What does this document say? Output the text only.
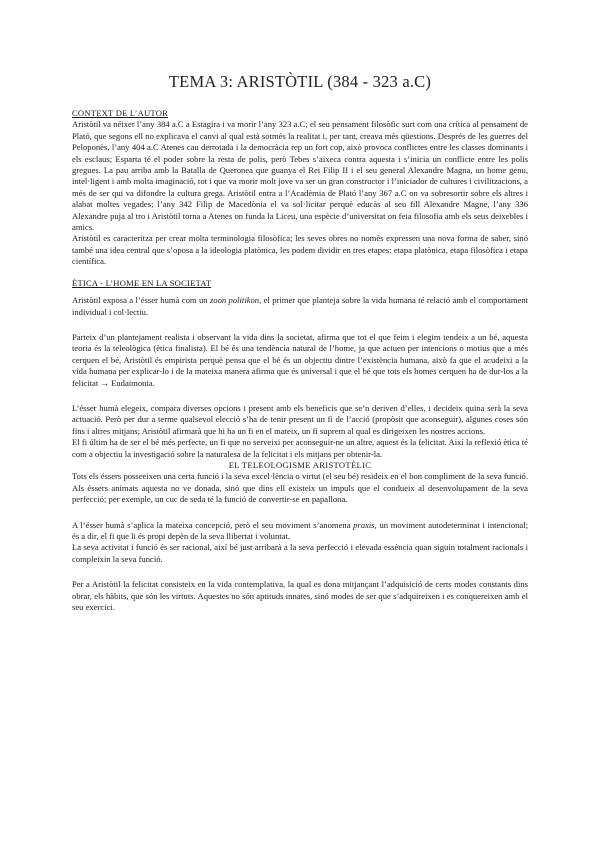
TEMA 3: ARISTÒTIL (384 - 323 a.C)

CONTEXT DE L’AUTOR

Aristòtil va néixer l’any 384 a.C a Estagira i va morir l’any 323 a.C; el seu pensament filosòfic surt com una crítica al pensament de Plató, que segons ell no explicava el canvi al qual està sotmès la realitat i, per tant, creava més qüestions. Després de les guerres del Peloponès, l’any 404 a.C Atenes cau derrotada i la democràcia rep un fort cop, això provoca conflictes entre les classes dominants i els esclaus; Esparta té el poder sobre la resta de polis, però Tebes s’aixeca contra aquesta i s’inicia un conflicte entre les polis gregues. La pau arriba amb la Batalla de Queronea que guanya el Rei Filip II i el seu general Alexandre Magna, un home genu, intel·ligent i amb molta imaginació, tot i que va morir molt jove va ser un gran constructor i l’iniciador de cultures i civilitzacions, a més de ser qui va difondre la cultura grega. Aristòtil entra a l’Acadèmia de Plató l’any 367 a.C on va sobresortir sobre els altres i alabat moltes vegades; l’any 342 Filip de Macedònia el va sol·licitar perquè educàs al seu fill Alexandre Magne, l’any 336 Alexandre puja al tro i Aristòtil torna a Atenes on funda la Liceu, una espècie d’universitat on feia filosofia amb els seus deixebles i amics.

Aristòtil es caracteritza per crear molta terminologia filosòfica; les seves obres no només expressen una nova forma de saber, sinó també una idea central que s’oposa a la ideologia platònica, les podem dividir en tres etapes: etapa platònica, etapa filosòfica i etapa científica.

ÈTICA - L’HOME EN LA SOCIETAT

Aristòtil exposa a l’ésser humà com un zoon politikon, el primer que planteja sobre la vida humana té relació amb el comportament individual i col·lectiu.

Parteix d’un plantejament realista i observant la vida dins la societat, afirma que tot el que feim i elegim tendeix a un bé, aquesta teoria és la teleològica (ètica finalista). El bé és una tendència natural de l’home, ja que actuen per intencions o motius que a més cerquen el bé, Aristòtil és empirista perquè pensa que el bé és un objectiu dintre l’existència humana, això fa que el acudeixi a la vida humana per explicar-lo i de la mateixa manera afirma que és universal i que el bé que tots els homes cerquen ha de dur-los a la felicitat → Eudaimonia.

L’ésser humà elegeix, compara diverses opcions i present amb els beneficis que se’n deriven d’elles, i decideix quina serà la seva actuació. Però per dur a terme qualsevol elecció s’ha de tenir present un fi de l’acció (propòsit que aconseguir), algunes coses són fins i altres mitjans; Aristòtil afirmarà que hi ha un fi en el mateix, un fi suprem al qual es dirigeixen les nostres accions.

El fi últim ha de ser el bé més perfecte, un fi que no serveixi per aconseguir-ne un altre, aquest és la felicitat. Així la reflexió ètica té com a objectiu la investigació sobre la naturalesa de la felicitat i els mitjans per obtenir-la.

EL TELEOLOGISME ARISTOTÈLIC

Tots els éssers posseeixen una certa funció i la seva excel·lència o virtut (el seu bé) resideix en el bon compliment de la seva funció. Als éssers animats aquesta no ve donada, sinó que dins ell existeix un impuls que el condueix al desenvolupament de la seva perfecció; per exemple, un cuc de seda té la funció de convertir-se en papallona.

A l’ésser humà s’aplica la mateixa concepció, però el seu moviment s’anomena praxis, un moviment autodeterminat i intencional; és a dir, el fi que li és propi depèn de la seva llibertat i voluntat.

La seva activitat i funció és ser racional, així bé just arribarà a la seva perfecció i elevada essència quan siguin totalment racionals i compleixin la seva funció.

Per a Aristòtil la felicitat consisteix en la vida contemplativa, la qual es dona mitjançant l’adquisició de certs modes constants dins obrar, els hàbits, que són les virtuts. Aquestes no són aptituds innates, sinó modes de ser que s’adquireixen i es conquereixen amb el seu exercici.
